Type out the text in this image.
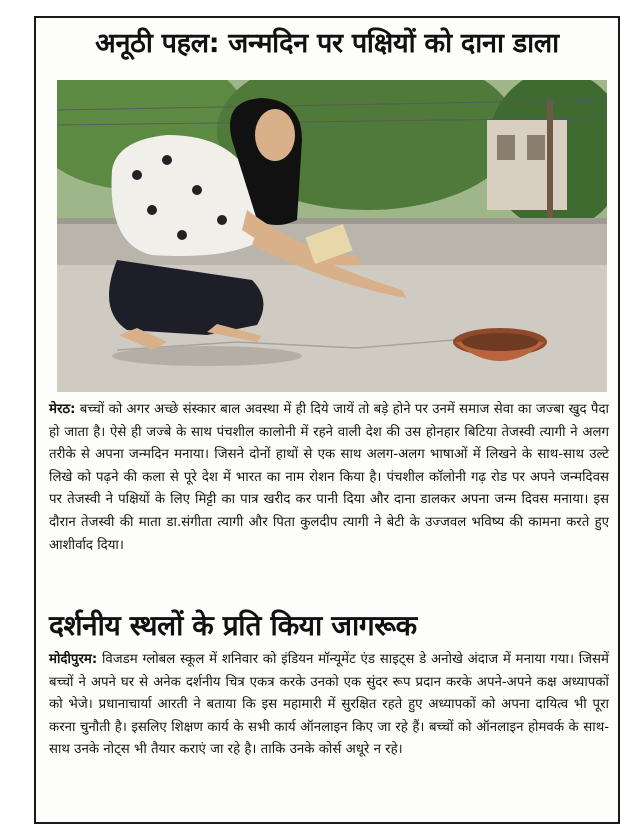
अनूठी पहल: जन्मदिन पर पक्षियों को दाना डाला

मेरठ: बच्चों को अगर अच्छे संस्कार बाल अवस्था में ही दिये जायें तो बड़े होने पर उनमें समाज सेवा का जज्बा खुद पैदा हो जाता है। ऐसे ही जज्बे के साथ पंचशील कालोनी में रहने वाली देश की उस होनहार बिटिया तेजस्वी त्यागी ने अलग तरीके से अपना जन्मदिन मनाया। जिसने दोनों हाथों से एक साथ अलग-अलग भाषाओं में लिखने के साथ-साथ उल्टे लिखे को पढ़ने की कला से पूरे देश में भारत का नाम रोशन किया है। पंचशील कॉलोनी गढ़ रोड पर अपने जन्मदिवस पर तेजस्वी ने पक्षियों के लिए मिट्टी का पात्र खरीद कर पानी दिया और दाना डालकर अपना जन्म दिवस मनाया। इस दौरान तेजस्वी की माता डा.संगीता त्यागी और पिता कुलदीप त्यागी ने बेटी के उज्जवल भविष्य की कामना करते हुए आशीर्वाद दिया।

दर्शनीय स्थलों के प्रति किया जागरूक

मोदीपुरम: विजडम ग्लोबल स्कूल में शनिवार को इंडियन मॉन्यूमेंट एंड साइट्स डे अनोखे अंदाज में मनाया गया। जिसमें बच्चों ने अपने घर से अनेक दर्शनीय चित्र एकत्र करके उनको एक सुंदर रूप प्रदान करके अपने-अपने कक्ष अध्यापकों को भेजे। प्रधानाचार्या आरती ने बताया कि इस महामारी में सुरक्षित रहते हुए अध्यापकों को अपना दायित्व भी पूरा करना चुनौती है। इसलिए शिक्षण कार्य के सभी कार्य ऑनलाइन किए जा रहे हैं। बच्चों को ऑनलाइन होमवर्क के साथ-साथ उनके नोट्स भी तैयार कराएं जा रहे है। ताकि उनके कोर्स अधूरे न रहे।
